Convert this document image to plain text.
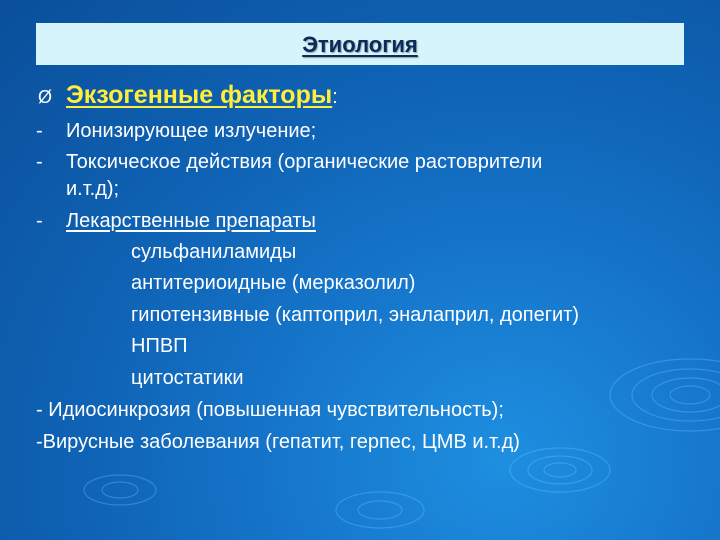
Этиология
Ø Экзогенные факторы:
- Ионизирующее излучение;
- Токсическое действия (органические растоврители
и.т.д);
- Лекарственные препараты
сульфаниламиды
антитериоидные (мерказолил)
гипотензивные (каптоприл, эналаприл, допегит)
НПВП
цитостатики
- Идиосинкрозия (повышенная чувствительность);
-Вирусные заболевания (гепатит, герпес, ЦМВ и.т.д)
